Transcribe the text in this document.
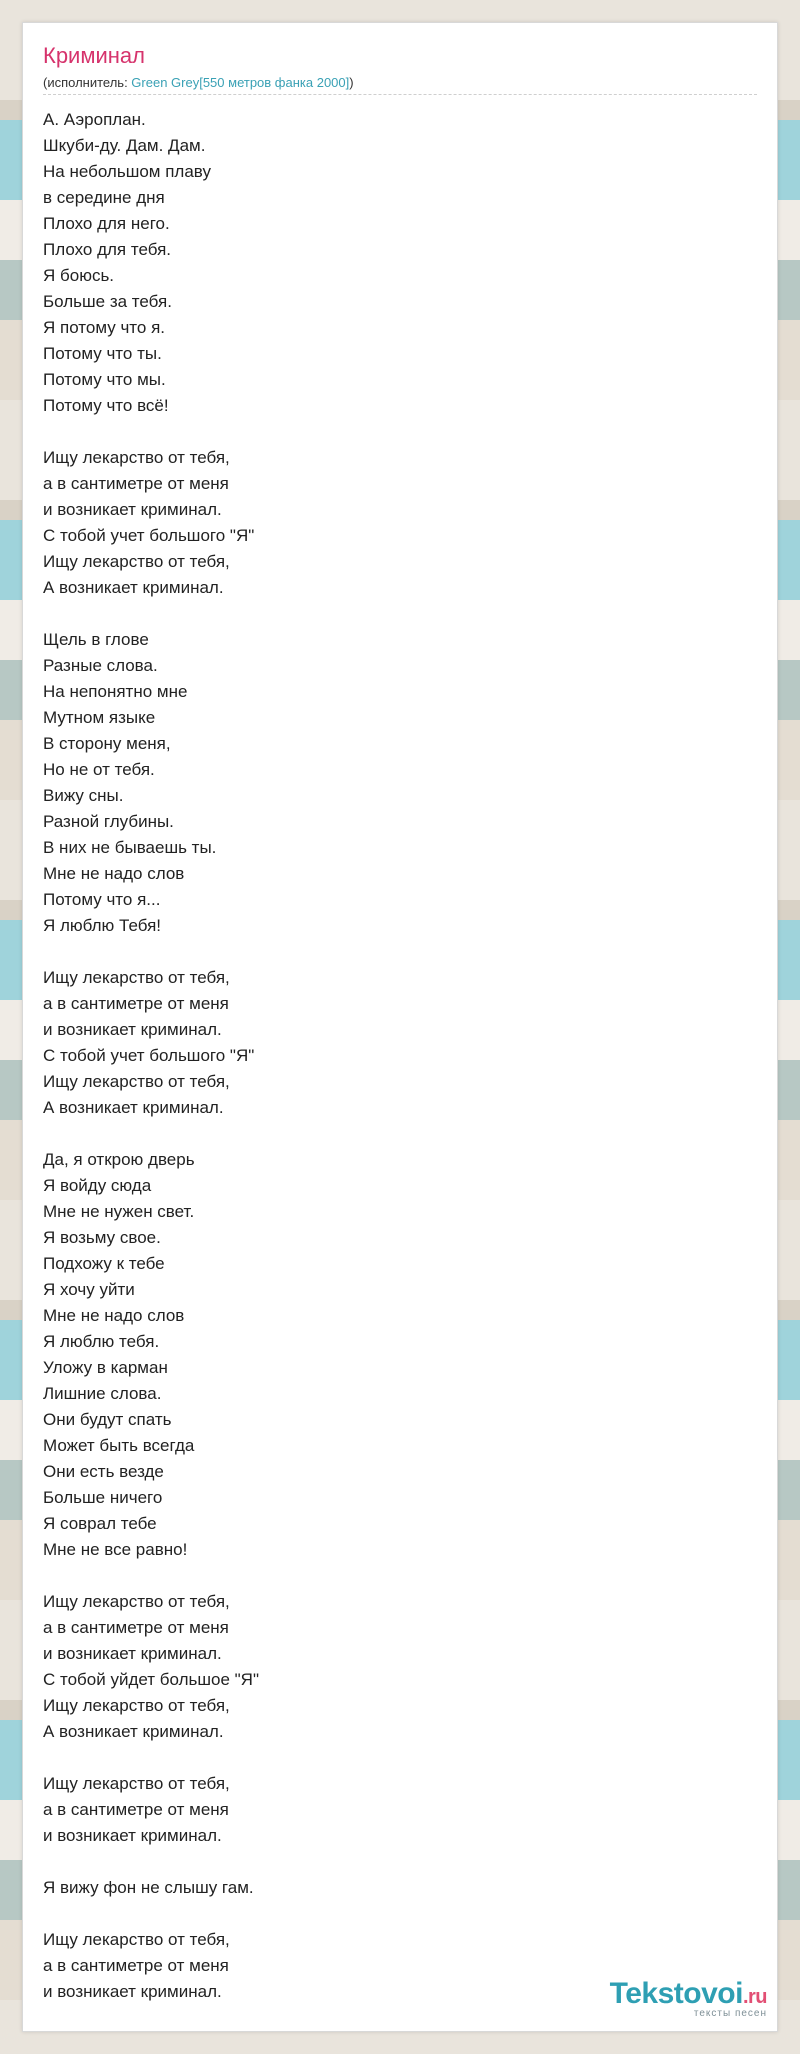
Криминал
(исполнитель: Green Grey[550 метров фанка 2000])
А. Аэроплан.
Шкуби-ду. Дам. Дам.
На небольшом плаву
в середине дня
Плохо для него.
Плохо для тебя.
Я боюсь.
Больше за тебя.
Я потому что я.
Потому что ты.
Потому что мы.
Потому что всё!
Ищу лекарство от тебя,
а в сантиметре от меня
и возникает криминал.
С тобой учет большого "Я"
Ищу лекарство от тебя,
А возникает криминал.
Щель в глове
Разные слова.
На непонятно мне
Мутном языке
В сторону меня,
Но не от тебя.
Вижу сны.
Разной глубины.
В них не бываешь ты.
Мне не надо слов
Потому что я...
Я люблю Тебя!
Ищу лекарство от тебя,
а в сантиметре от меня
и возникает криминал.
С тобой учет большого "Я"
Ищу лекарство от тебя,
А возникает криминал.
Да, я открою дверь
Я войду сюда
Мне не нужен свет.
Я возьму свое.
Подхожу к тебе
Я хочу уйти
Мне не надо слов
Я люблю тебя.
Уложу в карман
Лишние слова.
Они будут спать
Может быть всегда
Они есть везде
Больше ничего
Я соврал тебе
Мне не все равно!
Ищу лекарство от тебя,
а в сантиметре от меня
и возникает криминал.
С тобой уйдет большое "Я"
Ищу лекарство от тебя,
А возникает криминал.
Ищу лекарство от тебя,
а в сантиметре от меня
и возникает криминал.
Я вижу фон не слышу гам.
Ищу лекарство от тебя,
а в сантиметре от меня
и возникает криминал.	Tekstovoi.ru
тексты песен
